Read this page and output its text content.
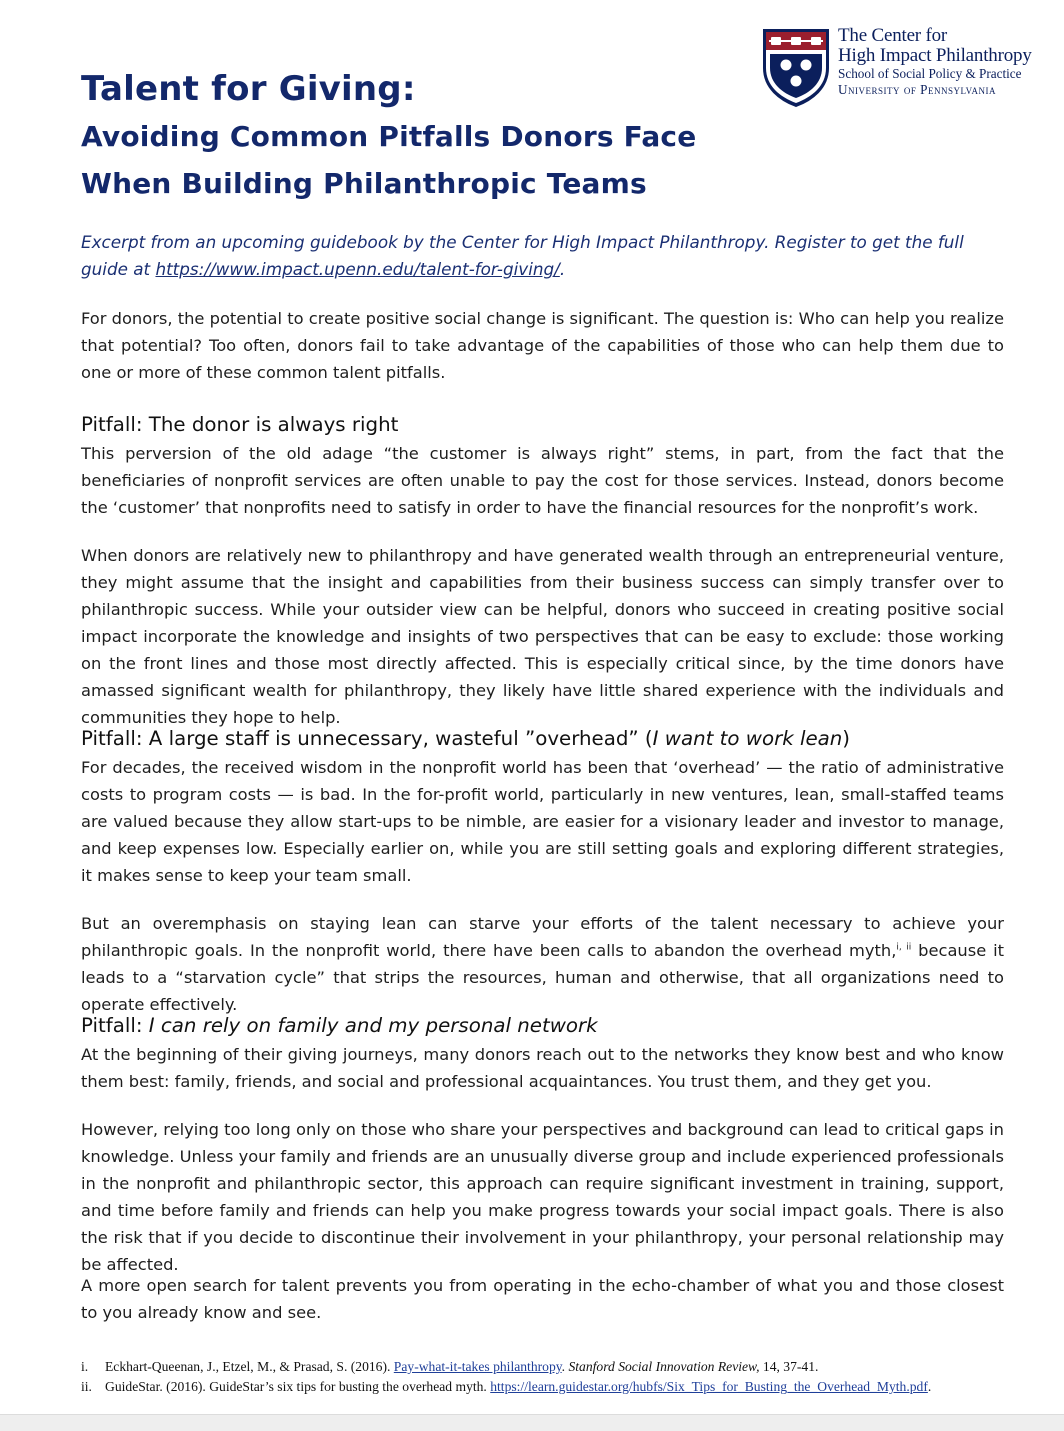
The Center for
High Impact Philanthropy
School of Social Policy & Practice
University of Pennsylvania
Talent for Giving:
Avoiding Common Pitfalls Donors Face
When Building Philanthropic Teams

Excerpt from an upcoming guidebook by the Center for High Impact Philanthropy. Register to get the full guide at https://www.impact.upenn.edu/talent-for-giving/.

For donors, the potential to create positive social change is significant. The question is: Who can help you realize that potential? Too often, donors fail to take advantage of the capabilities of those who can help them due to one or more of these common talent pitfalls.

Pitfall: The donor is always right

This perversion of the old adage “the customer is always right” stems, in part, from the fact that the beneficiaries of nonprofit services are often unable to pay the cost for those services. Instead, donors become the ‘customer’ that nonprofits need to satisfy in order to have the financial resources for the nonprofit’s work.

When donors are relatively new to philanthropy and have generated wealth through an entrepreneurial venture, they might assume that the insight and capabilities from their business success can simply transfer over to philanthropic success. While your outsider view can be helpful, donors who succeed in creating positive social impact incorporate the knowledge and insights of two perspectives that can be easy to exclude: those working on the front lines and those most directly affected. This is especially critical since, by the time donors have amassed significant wealth for philanthropy, they likely have little shared experience with the individuals and communities they hope to help.

Pitfall: A large staff is unnecessary, wasteful ”overhead” (I want to work lean)

For decades, the received wisdom in the nonprofit world has been that ‘overhead’ — the ratio of administrative costs to program costs — is bad. In the for-profit world, particularly in new ventures, lean, small-staffed teams are valued because they allow start-ups to be nimble, are easier for a visionary leader and investor to manage, and keep expenses low. Especially earlier on, while you are still setting goals and exploring different strategies, it makes sense to keep your team small.

But an overemphasis on staying lean can starve your efforts of the talent necessary to achieve your philanthropic goals. In the nonprofit world, there have been calls to abandon the overhead myth,$^{i, ii}$ because it leads to a “starvation cycle” that strips the resources, human and otherwise, that all organizations need to operate effectively.

Pitfall: I can rely on family and my personal network

At the beginning of their giving journeys, many donors reach out to the networks they know best and who know them best: family, friends, and social and professional acquaintances. You trust them, and they get you.

However, relying too long only on those who share your perspectives and background can lead to critical gaps in knowledge. Unless your family and friends are an unusually diverse group and include experienced professionals in the nonprofit and philanthropic sector, this approach can require significant investment in training, support, and time before family and friends can help you make progress towards your social impact goals. There is also the risk that if you decide to discontinue their involvement in your philanthropy, your personal relationship may be affected.

A more open search for talent prevents you from operating in the echo-chamber of what you and those closest to you already know and see.

i.	Eckhart-Queenan, J., Etzel, M., & Prasad, S. (2016). Pay-what-it-takes philanthropy. Stanford Social Innovation Review, 14, 37-41.
ii. GuideStar. (2016). GuideStar’s six tips for busting the overhead myth. https://learn.guidestar.org/hubfs/Six_Tips_for_Busting_the_Overhead_Myth.pdf.
